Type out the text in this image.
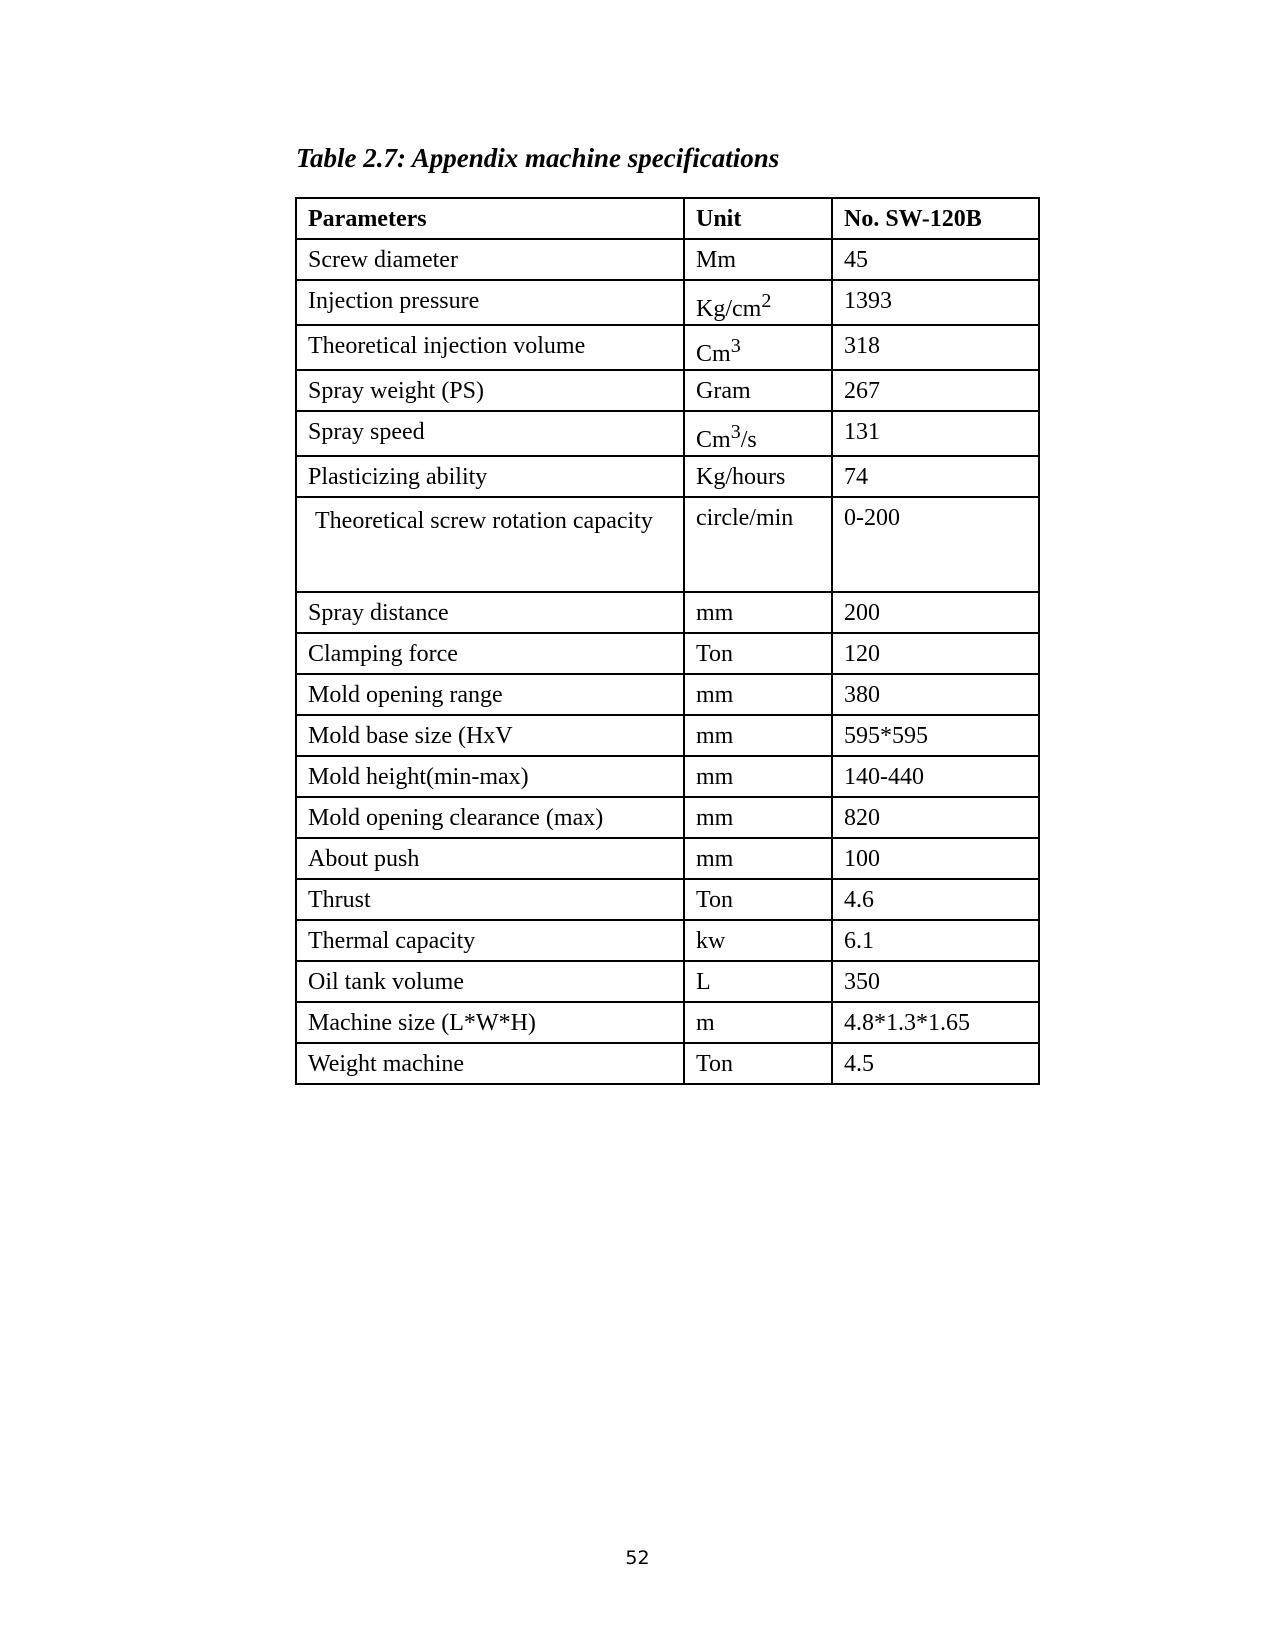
Table 2.7: Appendix machine specifications
Parameters	Unit	No. SW-120B
Screw diameter	Mm	45
Injection pressure	$Kg/cm^2$	1393
Theoretical injection volume	Cm$^3$	318
Spray weight (PS)	Gram	267
Spray speed	Cm$^3$/s	131
Plasticizing ability	Kg/hours	74
Theoretical screw rotation capacity	circle/min	0-200
Spray distance	mm	200
Clamping force	Ton	120
Mold opening range	mm	380
Mold base size (HxV	mm	595*595
Mold height(min-max)	mm	140-440
Mold opening clearance (max)	mm	820
About push	mm	100
Thrust	Ton	4.6
Thermal capacity	kw	6.1
Oil tank volume	L	350
Machine size (L*W*H)	m	4.8*1.3*1.65
Weight machine	Ton	4.5
52
